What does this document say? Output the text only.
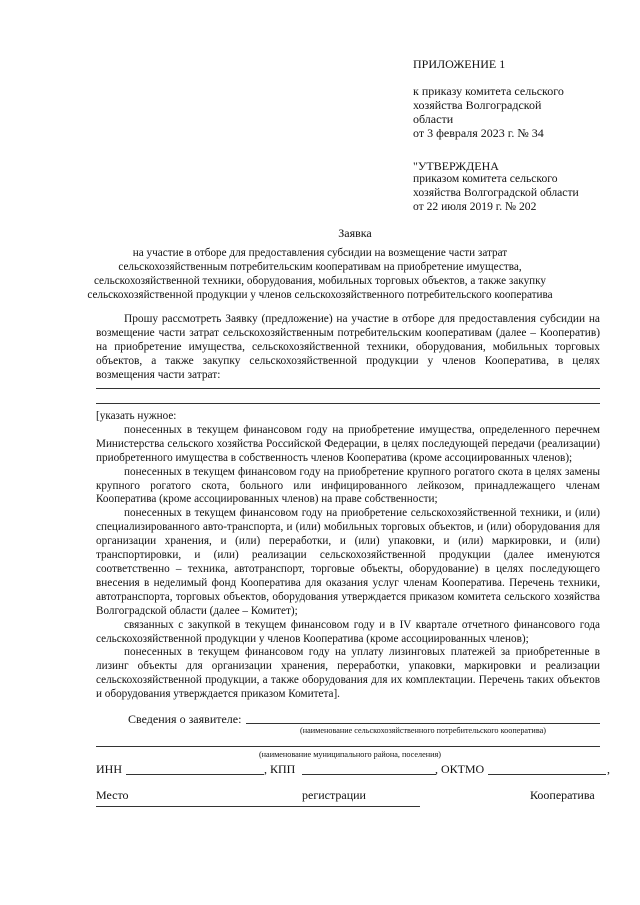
ПРИЛОЖЕНИЕ 1
к приказу комитета сельского
хозяйства Волгоградской
области
от 3 февраля 2023 г. № 34
"УТВЕРЖДЕНА
приказом комитета сельского
хозяйства Волгоградской области
от 22 июля 2019 г. № 202
Заявка
на участие в отборе для предоставления субсидии на возмещение части затрат
сельскохозяйственным потребительским кооперативам на приобретение имущества,
сельскохозяйственной техники, оборудования, мобильных торговых объектов, а также закупку
сельскохозяйственной продукции у членов сельскохозяйственного потребительского кооператива

Прошу рассмотреть Заявку (предложение) на участие в отборе для предоставления субсидии на возмещение части затрат сельскохозяйственным потребительским кооперативам (далее – Кооператив) на приобретение имущества, сельскохозяйственной техники, оборудования, мобильных торговых объектов, а также закупку сельскохозяйственной продукции у членов Кооператива, в целях возмещения части затрат:

[указать нужное:

понесенных в текущем финансовом году на приобретение имущества, определенного перечнем Министерства сельского хозяйства Российской Федерации, в целях последующей передачи (реализации) приобретенного имущества в собственность членов Кооператива (кроме ассоциированных членов);

понесенных в текущем финансовом году на приобретение крупного рогатого скота в целях замены крупного рогатого скота, больного или инфицированного лейкозом, принадлежащего членам Кооператива (кроме ассоциированных членов) на праве собственности;

понесенных в текущем финансовом году на приобретение сельскохозяйственной техники, и (или) специализированного авто-транспорта, и (или) мобильных торговых объектов, и (или) оборудования для организации хранения, и (или) переработки, и (или) упаковки, и (или) маркировки, и (или) транспортировки, и (или) реализации сельскохозяйственной продукции (далее именуются соответственно – техника, автотранспорт, торговые объекты, оборудование) в целях последующего внесения в неделимый фонд Кооператива для оказания услуг членам Кооператива. Перечень техники, автотранспорта, торговых объектов, оборудования утверждается приказом комитета сельского хозяйства Волгоградской области (далее – Комитет);

связанных с закупкой в текущем финансовом году и в IV квартале отчетного финансового года сельскохозяйственной продукции у членов Кооператива (кроме ассоциированных членов);

понесенных в текущем финансовом году на уплату лизинговых платежей за приобретенные в лизинг объекты для организации хранения, переработки, упаковки, маркировки и реализации сельскохозяйственной продукции, а также оборудования для их комплектации. Перечень таких объектов и оборудования утверждается приказом Комитета].

Сведения о заявителе:
(наименование сельскохозяйственного потребительского кооператива)
(наименование муниципального района, поселения)
ИНН	, КПП	, ОКТМО	,
Место	регистрации	Кооператива
